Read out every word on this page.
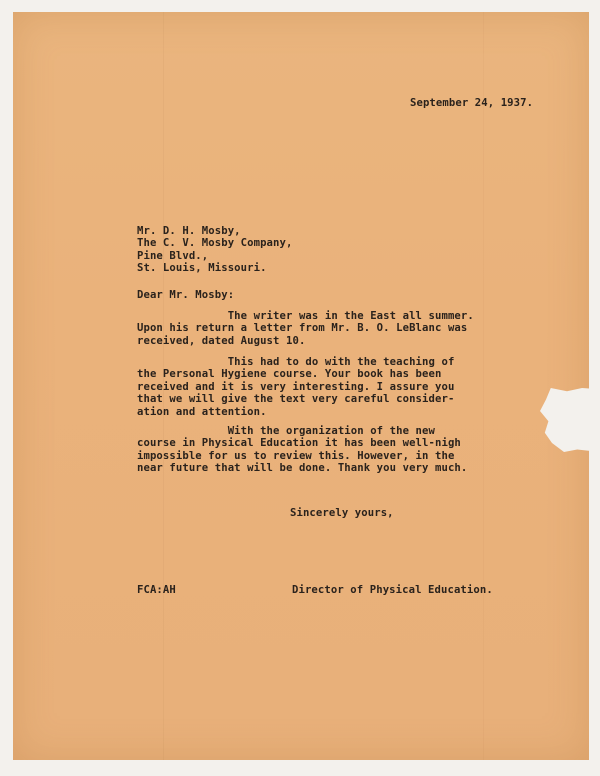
September 24, 1937.
Mr. D. H. Mosby,
The C. V. Mosby Company,
Pine Blvd.,
St. Louis, Missouri.
Dear Mr. Mosby:
The writer was in the East all summer.
Upon his return a letter from Mr. B. O. LeBlanc was
received, dated August 10.
This had to do with the teaching of
the Personal Hygiene course. Your book has been
received and it is very interesting. I assure you
that we will give the text very careful consider-
ation and attention.
With the organization of the new
course in Physical Education it has been well-nigh
impossible for us to review this. However, in the
near future that will be done. Thank you very much.
Sincerely yours,
FCA:AH	Director of Physical Education.
